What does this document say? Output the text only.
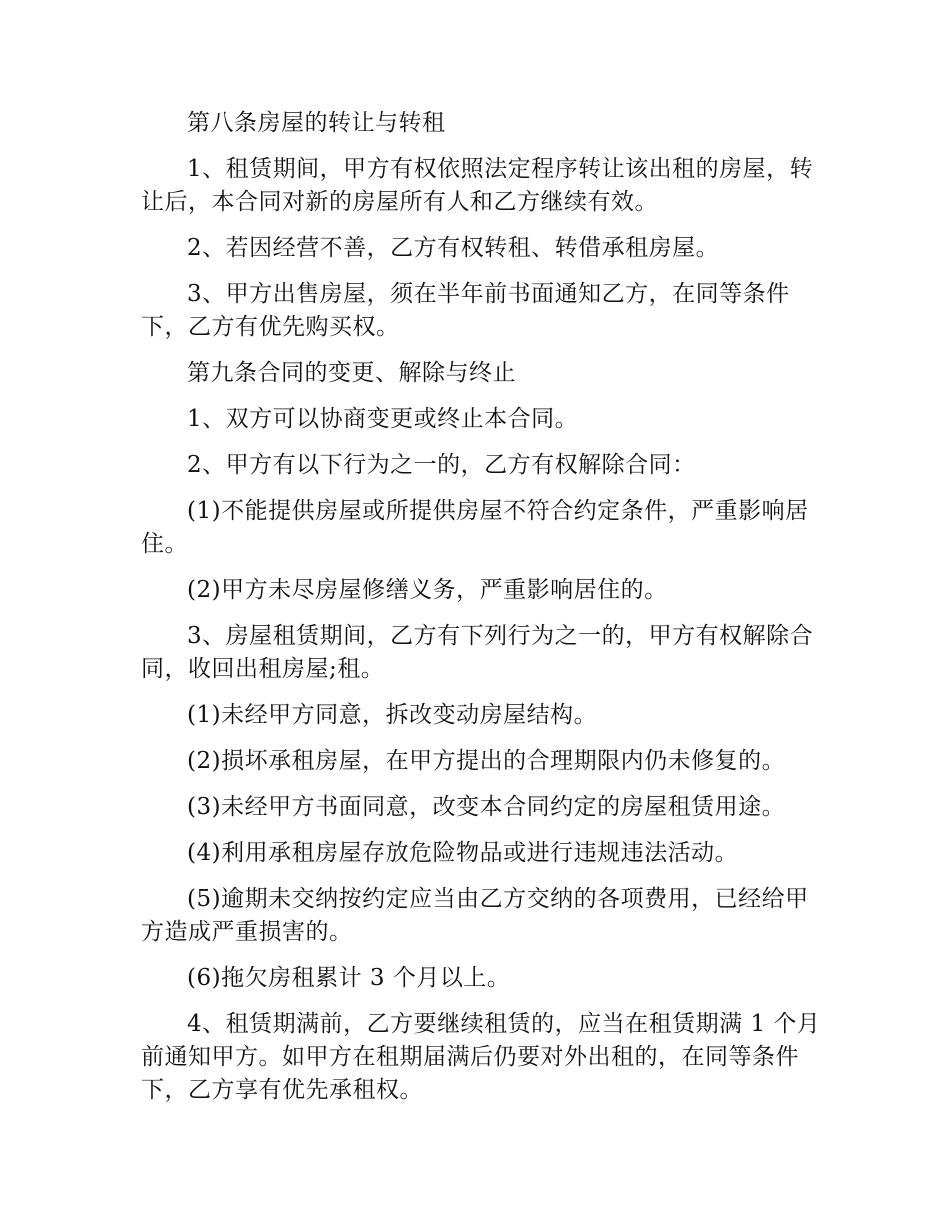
第八条房屋的转让与转租

1、租赁期间，甲方有权依照法定程序转让该出租的房屋，转让后，本合同对新的房屋所有人和乙方继续有效。

2、若因经营不善，乙方有权转租、转借承租房屋。

3、甲方出售房屋，须在半年前书面通知乙方，在同等条件下，乙方有优先购买权。

第九条合同的变更、解除与终止

1、双方可以协商变更或终止本合同。

2、甲方有以下行为之一的，乙方有权解除合同：

(1)不能提供房屋或所提供房屋不符合约定条件，严重影响居住。

(2)甲方未尽房屋修缮义务，严重影响居住的。

3、房屋租赁期间，乙方有下列行为之一的，甲方有权解除合同，收回出租房屋;租。

(1)未经甲方同意，拆改变动房屋结构。

(2)损坏承租房屋，在甲方提出的合理期限内仍未修复的。

(3)未经甲方书面同意，改变本合同约定的房屋租赁用途。

(4)利用承租房屋存放危险物品或进行违规违法活动。

(5)逾期未交纳按约定应当由乙方交纳的各项费用，已经给甲方造成严重损害的。

(6)拖欠房租累计 3 个月以上。

4、租赁期满前，乙方要继续租赁的，应当在租赁期满 1 个月前通知甲方。如甲方在租期届满后仍要对外出租的，在同等条件下，乙方享有优先承租权。
